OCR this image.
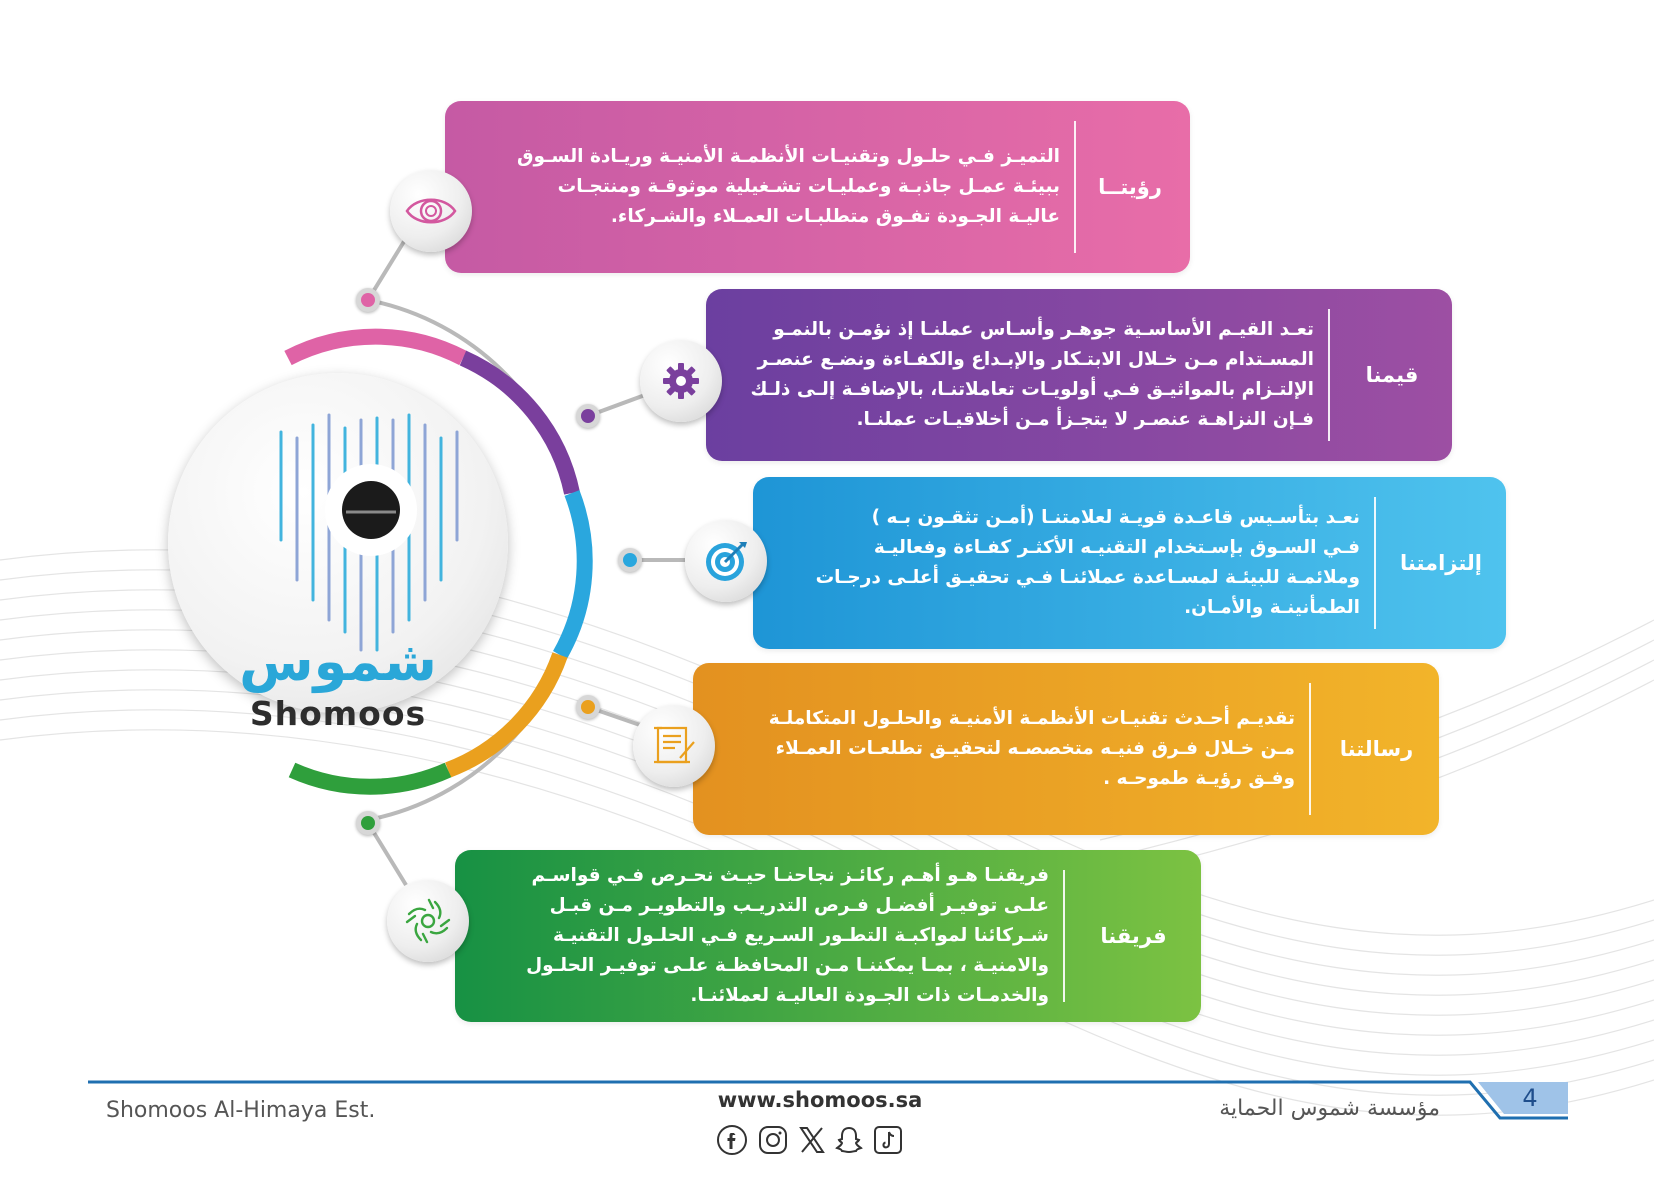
شموس
Shomoos
رؤيتــا
التميـز فـي حلـول وتقنيـات الأنظمـة الأمنيـة وريـادة السـوق
ببيئـة عمـل جاذبـة وعمليـات تشـغيلية موثوقـة ومنتجـات
عاليـة الجـودة تفـوق متطلبـات العمـلاء والشـركاء.
قيمنا
تعـد القيـم الأساسـية جوهـر وأسـاس عملنـا إذ نؤمـن بالنمـو
المسـتدام مـن خـلال الابتـكار والإبـداع والكفـاءة ونضـع عنصـر
الإلتـزام بالمواثيـق فـي أولويـات تعاملاتنـا، بالإضافـة إلـى ذلـك
فـإن النزاهـة عنصـر لا يتجـزأ مـن أخلاقيـات عملنـا.
إلتزامتنا
نعـد بتأسـيس قاعـدة قويـة لعلامتنـا (أمـن تثقـون بـه )
فـي السـوق بإسـتخدام التقنيـه الأكثـر كفـاءة وفعاليـة
وملائمـة للبيئـة لمسـاعدة عملائنـا فـي تحقيـق أعلـى درجـات
الطمأنينـة والأمـان.
رسالتنا
تقديـم أحـدث تقنيـات الأنظمـة الأمنيـة والحلـول المتكاملـة
مـن خـلال فـرق فنيـه متخصصـه لتحقيـق تطلعـات العمـلاء
وفـق رؤيـة طموحـه .
فريقنا
فريقنـا هـو أهـم ركائـز نجاحنـا حيـث نحـرص فـي قواسـم
علـى توفيـر أفضـل فـرص التدريـب والتطويـر مـن قبـل
شـركائنا لمواكبـة التطـور السـريع فـي الحلـول التقنيـة
والامنيـة ، بمـا يمكننـا مـن المحافظـة علـى توفيـر الحلـول
والخدمـات ذات الجـودة العاليـة لعملائنـا.
Shomoos Al-Himaya Est.	www.shomoos.sa	مؤسسة شموس الحماية	4
